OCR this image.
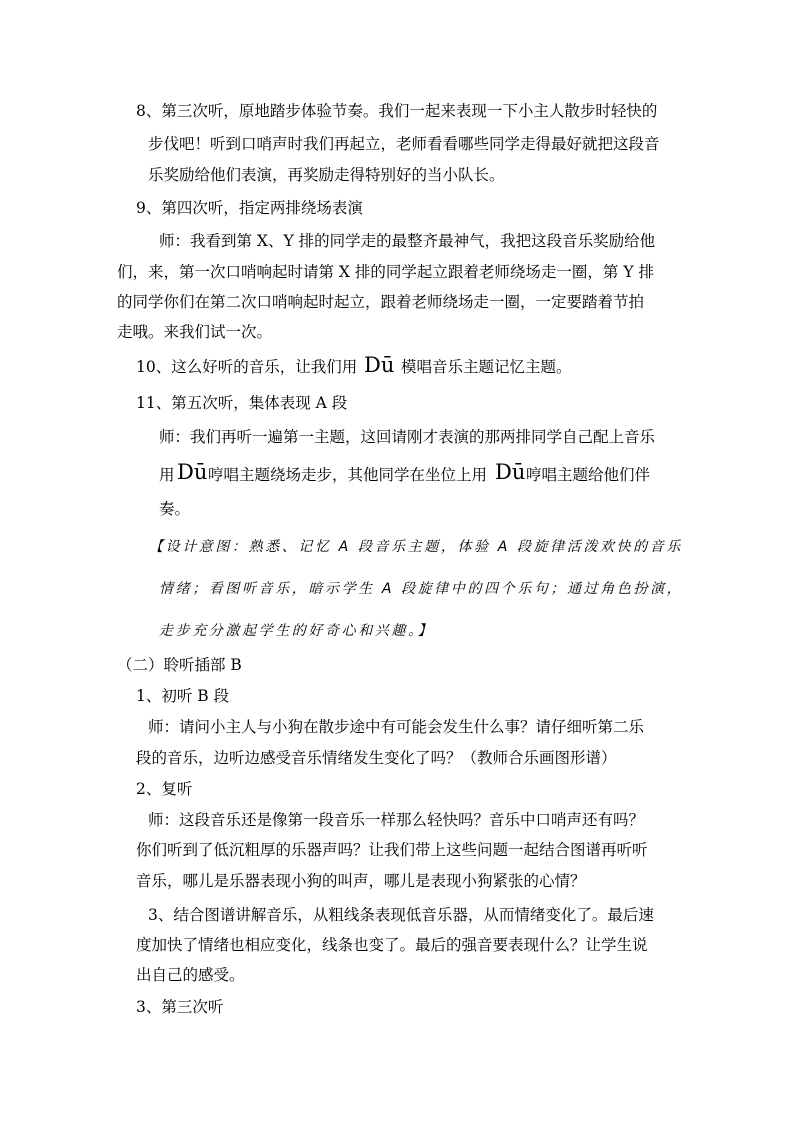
8、第三次听，原地踏步体验节奏。我们一起来表现一下小主人散步时轻快的
步伐吧！听到口哨声时我们再起立，老师看看哪些同学走得最好就把这段音
乐奖励给他们表演，再奖励走得特别好的当小队长。
9、第四次听，指定两排绕场表演
师：我看到第 X、Y 排的同学走的最整齐最神气，我把这段音乐奖励给他
们，来，第一次口哨响起时请第 X 排的同学起立跟着老师绕场走一圈，第 Y 排
的同学你们在第二次口哨响起时起立，跟着老师绕场走一圈，一定要踏着节拍
走哦。来我们试一次。
10、这么好听的音乐，让我们用 Dū 模唱音乐主题记忆主题。
11、第五次听，集体表现 A 段
师：我们再听一遍第一主题，这回请刚才表演的那两排同学自己配上音乐
用 Dū 哼唱主题绕场走步，其他同学在坐位上用 Dū 哼唱主题给他们伴
奏。
【设计意图：熟悉、记忆 A 段音乐主题，体验 A 段旋律活泼欢快的音乐
情绪；看图听音乐，暗示学生 A 段旋律中的四个乐句；通过角色扮演，
走步充分激起学生的好奇心和兴趣。】
（二）聆听插部 B
1、初听 B 段
师：请问小主人与小狗在散步途中有可能会发生什么事？请仔细听第二乐
段的音乐，边听边感受音乐情绪发生变化了吗？（教师合乐画图形谱）
2、复听
师：这段音乐还是像第一段音乐一样那么轻快吗？音乐中口哨声还有吗？
你们听到了低沉粗厚的乐器声吗？让我们带上这些问题一起结合图谱再听听
音乐，哪儿是乐器表现小狗的叫声，哪儿是表现小狗紧张的心情？
3、结合图谱讲解音乐，从粗线条表现低音乐器，从而情绪变化了。最后速
度加快了情绪也相应变化，线条也变了。最后的强音要表现什么？让学生说
出自己的感受。
3、第三次听
